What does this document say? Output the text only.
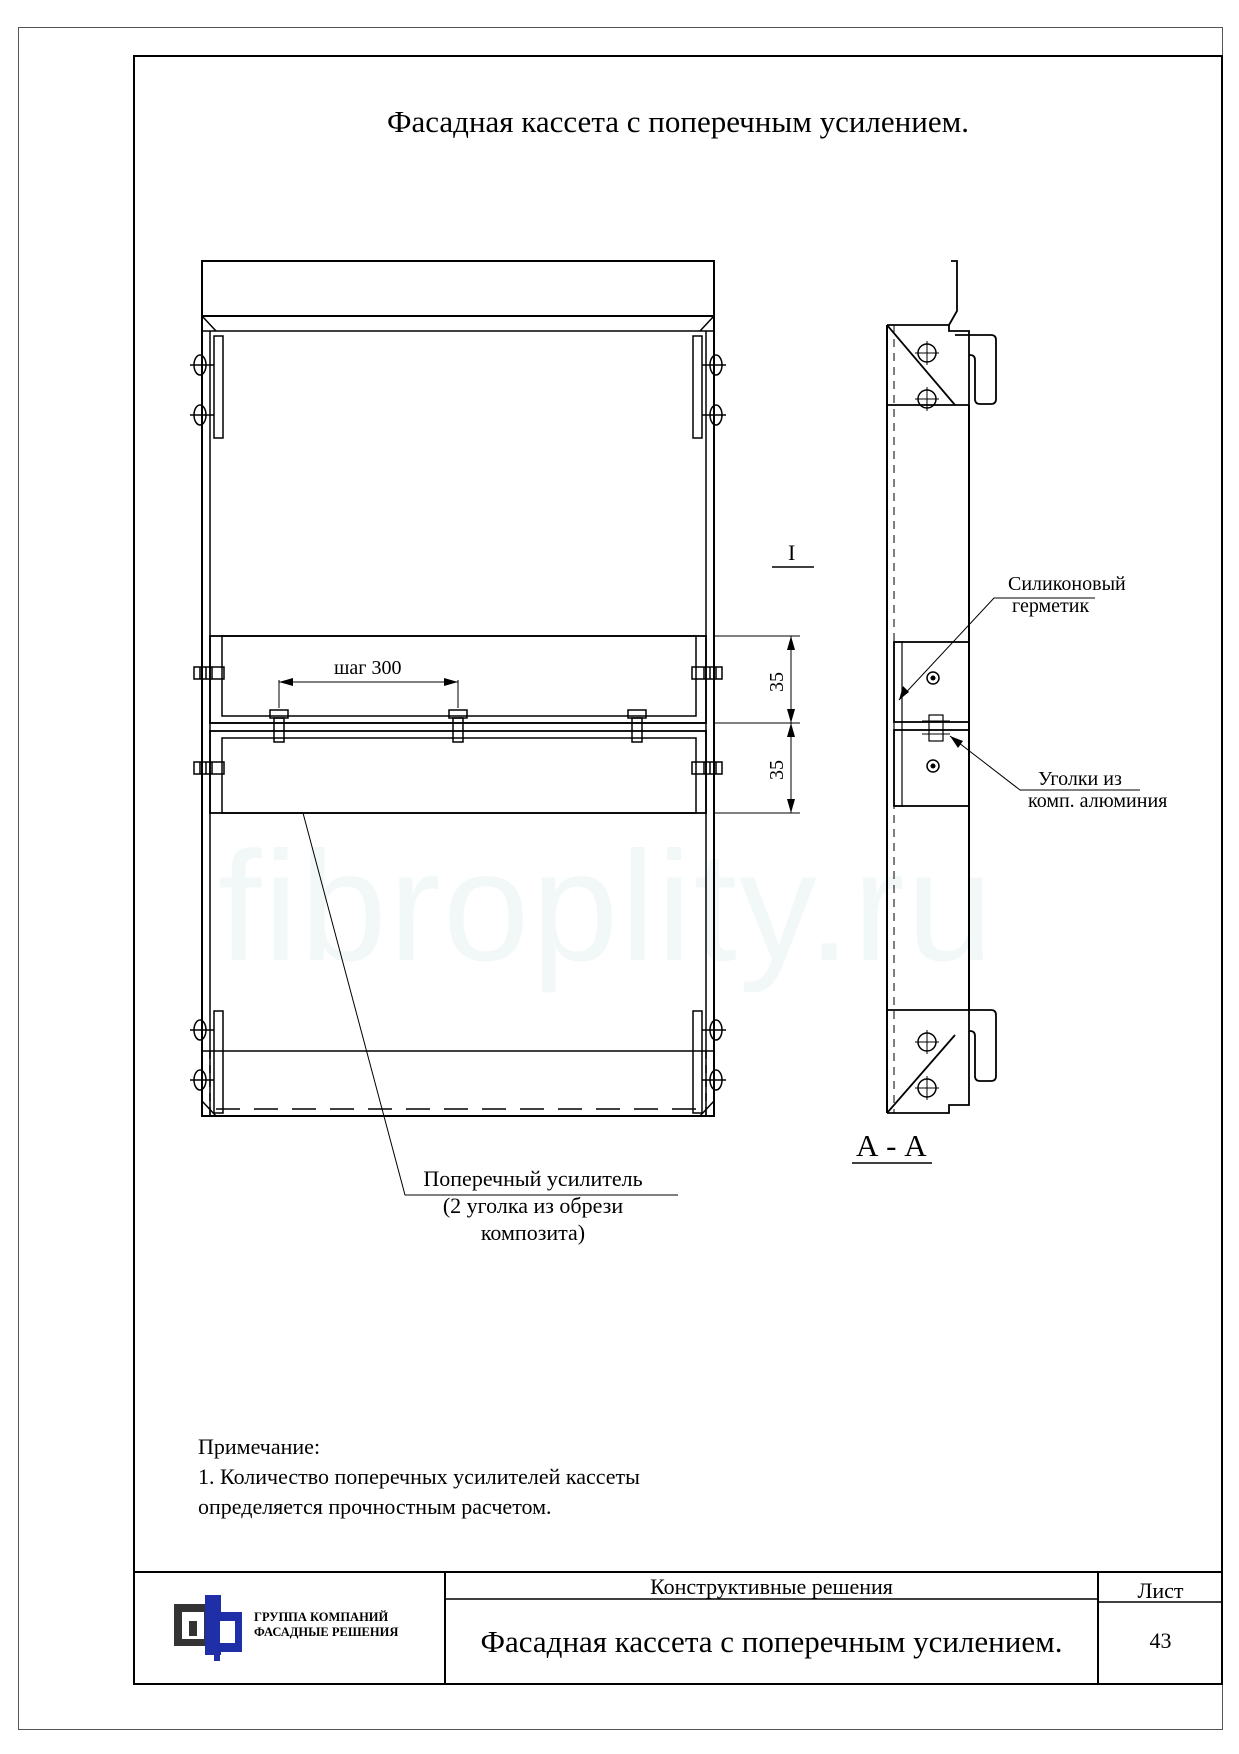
fibroplity.ru
Фасадная кассета с поперечным усилением.
шаг 300
35
35
I
Поперечный усилитель
(2 уголка из обрези
композита)
А - А
Силиконовый
герметик
Уголки из
комп. алюминия
Примечание:
1. Количество поперечных усилителей кассеты
определяется прочностным расчетом.
ГРУППА КОМПАНИЙ
ФАСАДНЫЕ РЕШЕНИЯ
Конструктивные решения
Фасадная кассета с поперечным усилением.
Лист
43
